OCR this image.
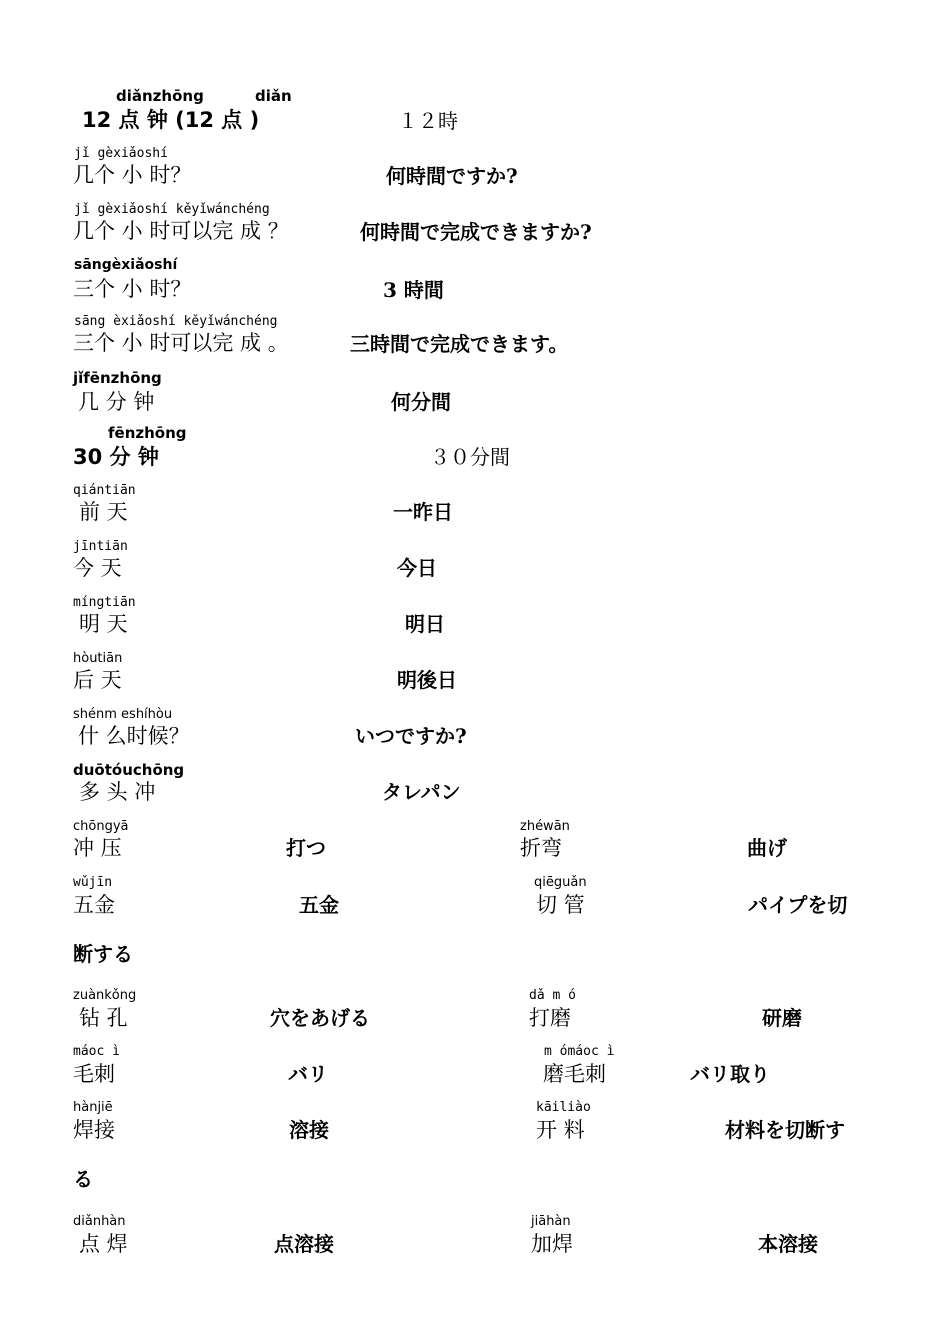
diǎnzhōng	diǎn
12 点 钟 (12 点 )	１２時
jǐ gèxiǎoshí
几个 小 时？	何時間ですか?
jǐ gèxiǎoshí kěyǐwánchéng
几个 小 时可以完 成 ？	何時間で完成できますか?
sāngèxiǎoshí
三个 小 时？	3 時間
sāng èxiǎoshí kěyǐwánchéng
三个 小 时可以完 成 。	三時間で完成できます。
jǐfēnzhōng
几 分 钟	何分間
fēnzhōng
30 分 钟	３０分間
qiántiān
前 天	一昨日
jīntiān
今 天	今日
míngtiān
明 天	明日
hòutiān
后 天	明後日
shénm eshíhòu
什 么时候？	いつですか?
duōtóuchōng
多 头 冲	タレパン
chōngyā
冲 压	打つ
zhéwān
折弯	曲げ
wǔjīn
五金	五金
qiēguǎn
切 管	パイプを切
断する
zuànkǒng
钻 孔	穴をあげる
dǎ m ó
打磨	研磨
máoc ì
毛刺	バリ
m ómáoc ì
磨毛刺	バリ取り
hànjiē
焊接	溶接
kāiliào
开 料	材料を切断す
る
diǎnhàn
点 焊	点溶接
jiāhàn
加焊	本溶接
